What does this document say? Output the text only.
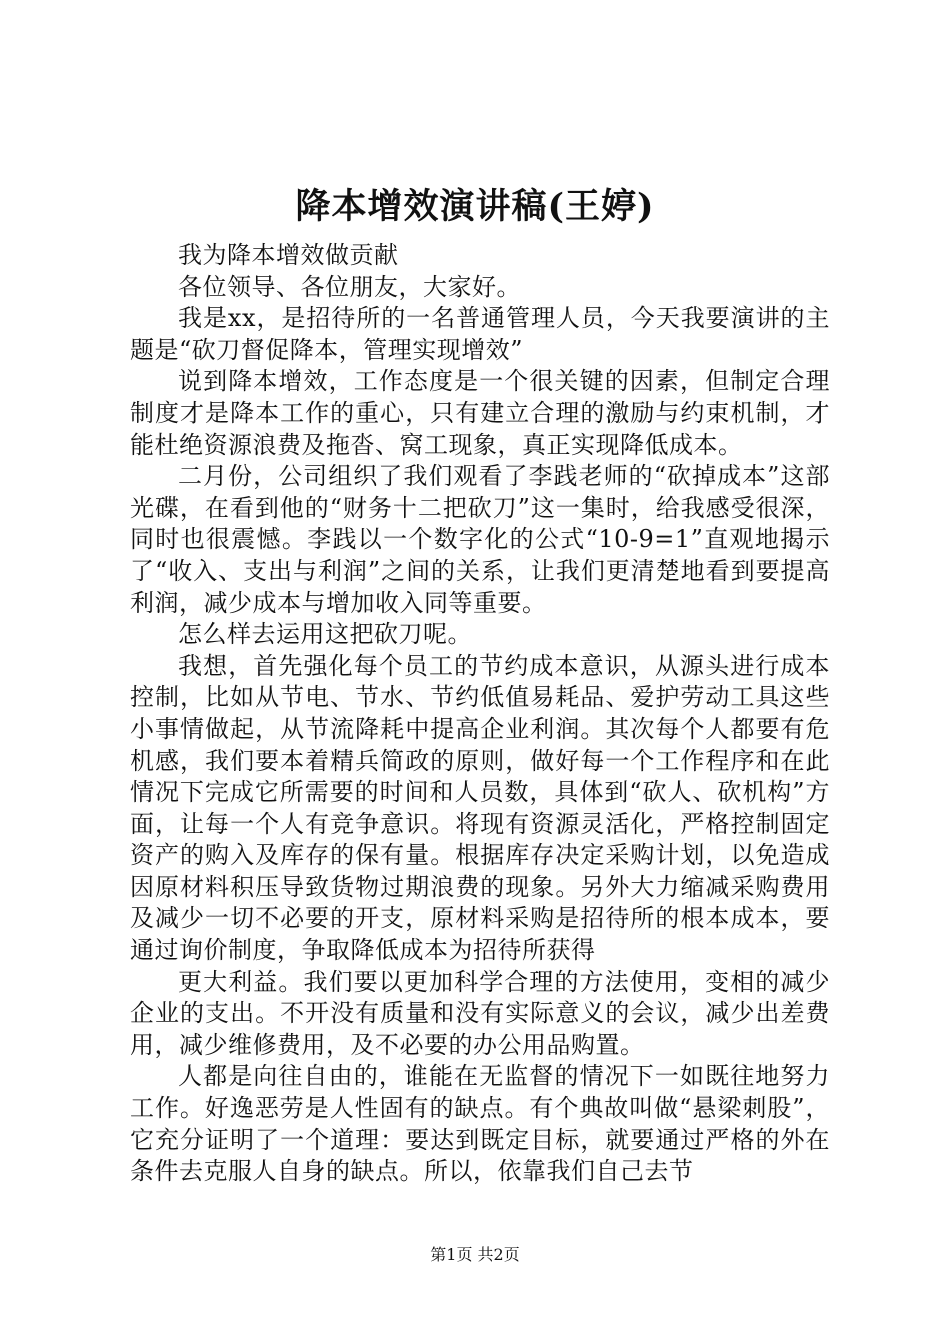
降本增效演讲稿(王婷)

我为降本增效做贡献

各位领导、各位朋友，大家好。

我是xx，是招待所的一名普通管理人员，今天我要演讲的主题是“砍刀督促降本，管理实现增效”

说到降本增效，工作态度是一个很关键的因素，但制定合理制度才是降本工作的重心，只有建立合理的激励与约束机制，才能杜绝资源浪费及拖沓、窝工现象，真正实现降低成本。

二月份，公司组织了我们观看了李践老师的“砍掉成本”这部光碟，在看到他的“财务十二把砍刀”这一集时，给我感受很深，同时也很震憾。李践以一个数字化的公式“10-9=1”直观地揭示了“收入、支出与利润”之间的关系，让我们更清楚地看到要提高利润，减少成本与增加收入同等重要。

怎么样去运用这把砍刀呢。

我想，首先强化每个员工的节约成本意识，从源头进行成本控制，比如从节电、节水、节约低值易耗品、爱护劳动工具这些小事情做起，从节流降耗中提高企业利润。其次每个人都要有危机感，我们要本着精兵简政的原则，做好每一个工作程序和在此情况下完成它所需要的时间和人员数，具体到“砍人、砍机构”方面，让每一个人有竞争意识。将现有资源灵活化，严格控制固定资产的购入及库存的保有量。根据库存决定采购计划，以免造成因原材料积压导致货物过期浪费的现象。另外大力缩减采购费用及减少一切不必要的开支，原材料采购是招待所的根本成本，要通过询价制度，争取降低成本为招待所获得

更大利益。我们要以更加科学合理的方法使用，变相的减少企业的支出。不开没有质量和没有实际意义的会议，减少出差费用，减少维修费用，及不必要的办公用品购置。

人都是向往自由的，谁能在无监督的情况下一如既往地努力工作。好逸恶劳是人性固有的缺点。有个典故叫做“悬梁刺股”，它充分证明了一个道理：要达到既定目标，就要通过严格的外在条件去克服人自身的缺点。所以，依靠我们自己去节

第1页 共2页
